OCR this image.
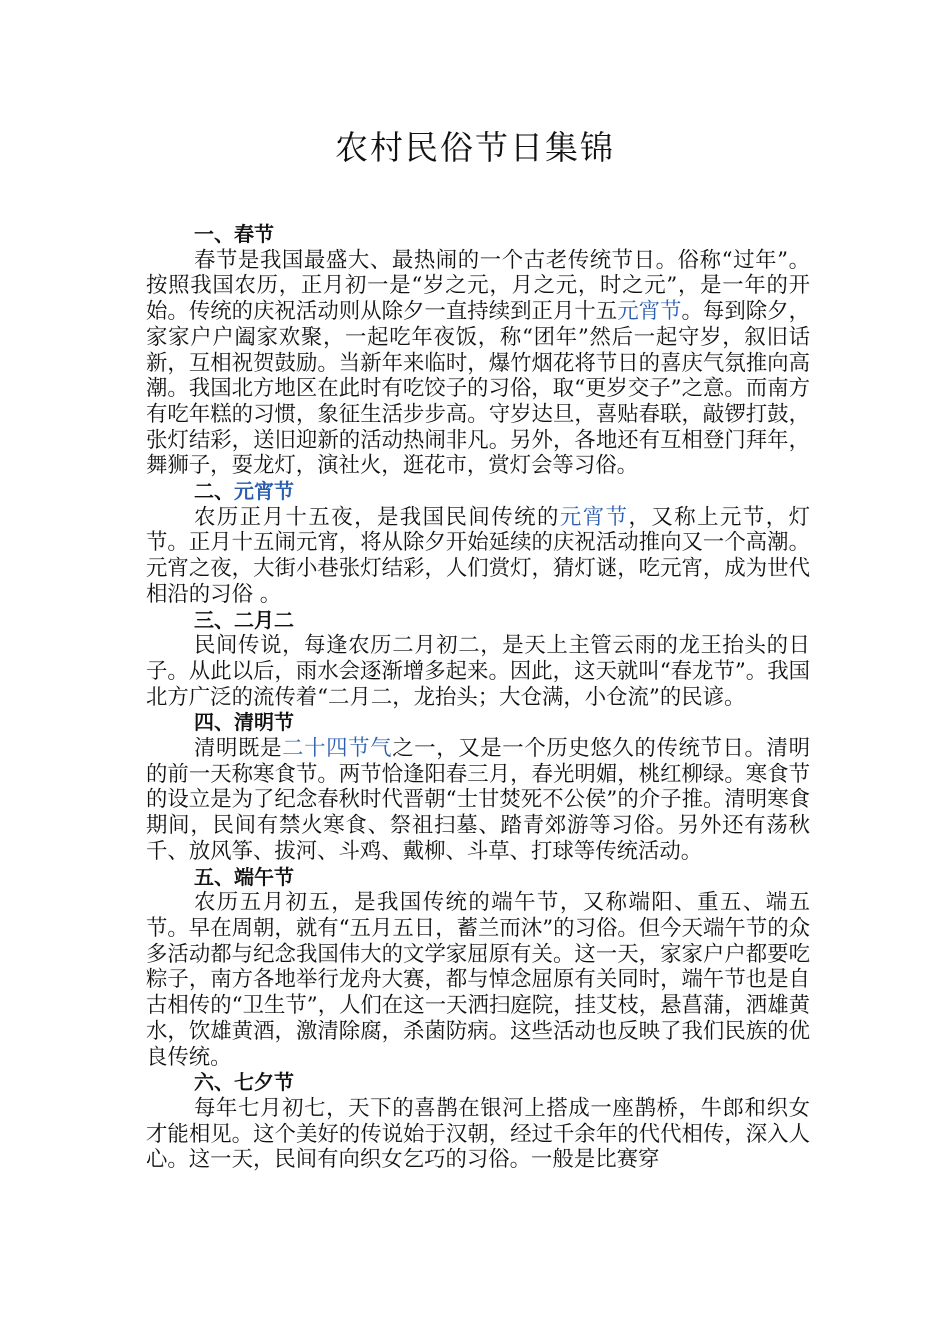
农村民俗节日集锦

一、春节

春节是我国最盛大、最热闹的一个古老传统节日。俗称“过年”。按照我国农历，正月初一是“岁之元，月之元，时之元”，是一年的开始。传统的庆祝活动则从除夕一直持续到正月十五元宵节。每到除夕，家家户户阖家欢聚，一起吃年夜饭，称“团年”然后一起守岁，叙旧话新，互相祝贺鼓励。当新年来临时，爆竹烟花将节日的喜庆气氛推向高潮。我国北方地区在此时有吃饺子的习俗，取“更岁交子”之意。而南方有吃年糕的习惯，象征生活步步高。守岁达旦，喜贴春联，敲锣打鼓，张灯结彩，送旧迎新的活动热闹非凡。另外，各地还有互相登门拜年，舞狮子，耍龙灯，演社火，逛花市，赏灯会等习俗。

二、元宵节

农历正月十五夜，是我国民间传统的元宵节，又称上元节，灯节。正月十五闹元宵，将从除夕开始延续的庆祝活动推向又一个高潮。元宵之夜，大街小巷张灯结彩，人们赏灯，猜灯谜，吃元宵，成为世代相沿的习俗 。

三、二月二

民间传说，每逢农历二月初二，是天上主管云雨的龙王抬头的日子。从此以后，雨水会逐渐增多起来。因此，这天就叫“春龙节”。我国北方广泛的流传着“二月二，龙抬头；大仓满，小仓流”的民谚。

四、清明节

清明既是二十四节气之一，又是一个历史悠久的传统节日。清明的前一天称寒食节。两节恰逢阳春三月，春光明媚，桃红柳绿。寒食节的设立是为了纪念春秋时代晋朝“士甘焚死不公侯”的介子推。清明寒食期间，民间有禁火寒食、祭祖扫墓、踏青郊游等习俗。另外还有荡秋千、放风筝、拔河、斗鸡、戴柳、斗草、打球等传统活动。

五、端午节

农历五月初五，是我国传统的端午节，又称端阳、重五、端五节。早在周朝，就有“五月五日，蓄兰而沐”的习俗。但今天端午节的众多活动都与纪念我国伟大的文学家屈原有关。这一天，家家户户都要吃粽子，南方各地举行龙舟大赛，都与悼念屈原有关同时，端午节也是自古相传的“卫生节”，人们在这一天洒扫庭院，挂艾枝，悬菖蒲，洒雄黄水，饮雄黄酒，激清除腐，杀菌防病。这些活动也反映了我们民族的优良传统。

六、七夕节

每年七月初七，天下的喜鹊在银河上搭成一座鹊桥，牛郎和织女才能相见。这个美好的传说始于汉朝，经过千余年的代代相传，深入人心。这一天，民间有向织女乞巧的习俗。一般是比赛穿
